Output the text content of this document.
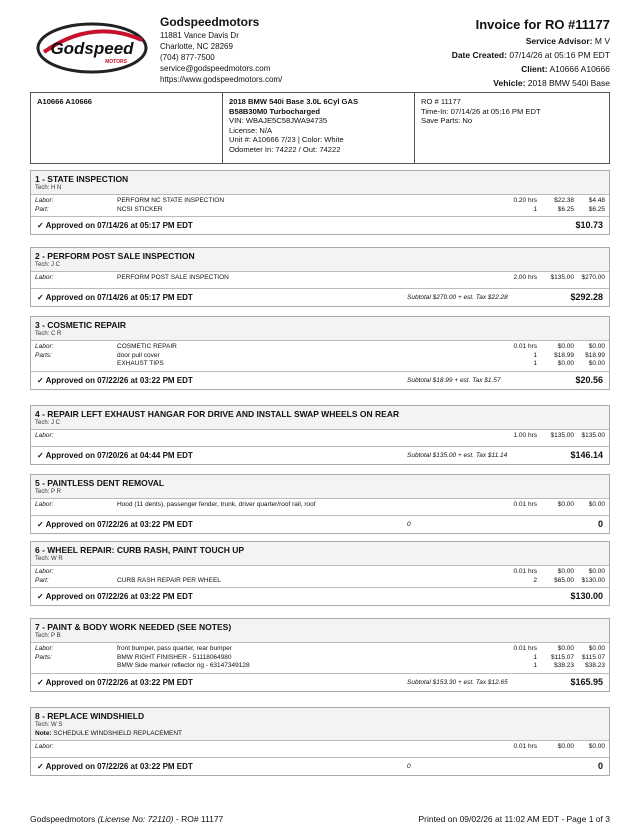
Godspeed
MOTORS
Godspeedmotors
11881 Vance Davis Dr
Charlotte, NC 28269
(704) 877-7500
service@godspeedmotors.com
https://www.godspeedmotors.com/
Invoice for RO #11177
Service Advisor: M V
Date Created: 07/14/26 at 05:16 PM EDT
Client: A10666 A10666
Vehicle: 2018 BMW 540i Base
A10666 A10666	2018 BMW 540i Base 3.0L 6Cyl GAS
B58B30M0 Turbocharged
VIN: WBAJE5C58JWA94735
License: N/A
Unit #: A10666 7/23 | Color: White
Odometer In: 74222 / Out: 74222
RO # 11177
Time-In: 07/14/26 at 05:16 PM EDT
Save Parts: No
1 - STATE INSPECTION
Tech: H N
Labor:	PERFORM NC STATE INSPECTION	0.20 hrs	$22.38 $4.48
Part:	NCSI STICKER	1	$6.25 $6.25
✓ Approved on 07/14/26 at 05:17 PM EDT	$10.73
2 - PERFORM POST SALE INSPECTION
Tech: J C
Labor:	PERFORM POST SALE INSPECTION	2.00 hrs $135.00 $270.00
✓ Approved on 07/14/26 at 05:17 PM EDT	Subtotal $270.00 + est. Tax $22.28	$292.28
3 - COSMETIC REPAIR
Tech: C R
Labor:	COSMETIC REPAIR	0.01 hrs	$0.00 $0.00
Parts:	door pull cover	1	$18.99 $18.99
EXHAUST TIPS	1	$0.00 $0.00
✓ Approved on 07/22/26 at 03:22 PM EDT	Subtotal $18.99 + est. Tax $1.57	$20.56
4 - REPAIR LEFT EXHAUST HANGAR FOR DRIVE AND INSTALL SWAP WHEELS ON REAR
Tech: J C
Labor:	1.00 hrs $135.00 $135.00
✓ Approved on 07/20/26 at 04:44 PM EDT	Subtotal $135.00 + est. Tax $11.14	$146.14
5 - PAINTLESS DENT REMOVAL
Tech: P R
Labor:	Hood (11 dents), passenger fender, trunk, driver quarter/roof rail, roof	0.01 hrs	$0.00 $0.00
✓ Approved on 07/22/26 at 03:22 PM EDT	0	0
6 - WHEEL REPAIR: CURB RASH, PAINT TOUCH UP
Tech: W R
Labor:	0.01 hrs	$0.00 $0.00
Part:	CURB RASH REPAIR PER WHEEL	2	$65.00 $130.00
✓ Approved on 07/22/26 at 03:22 PM EDT	$130.00
7 - PAINT & BODY WORK NEEDED (SEE NOTES)
Tech: P B
Labor:	front bumper, pass quarter, rear bumper	0.01 hrs	$0.00 $0.00
Parts:	BMW RIGHT FINISHER - 51118064980	1 $115.07 $115.07
BMW Side marker reflector rig - 63147349128	1	$38.23 $38.23
✓ Approved on 07/22/26 at 03:22 PM EDT	Subtotal $153.30 + est. Tax $12.65	$165.95
8 - REPLACE WINDSHIELD
Tech: W S
Note: SCHEDULE WINDSHIELD REPLACEMENT
Labor:	0.01 hrs	$0.00 $0.00
✓ Approved on 07/22/26 at 03:22 PM EDT	0	0
Godspeedmotors (License No: 72110) - RO# 11177	Printed on 09/02/26 at 11:02 AM EDT - Page 1 of 3
